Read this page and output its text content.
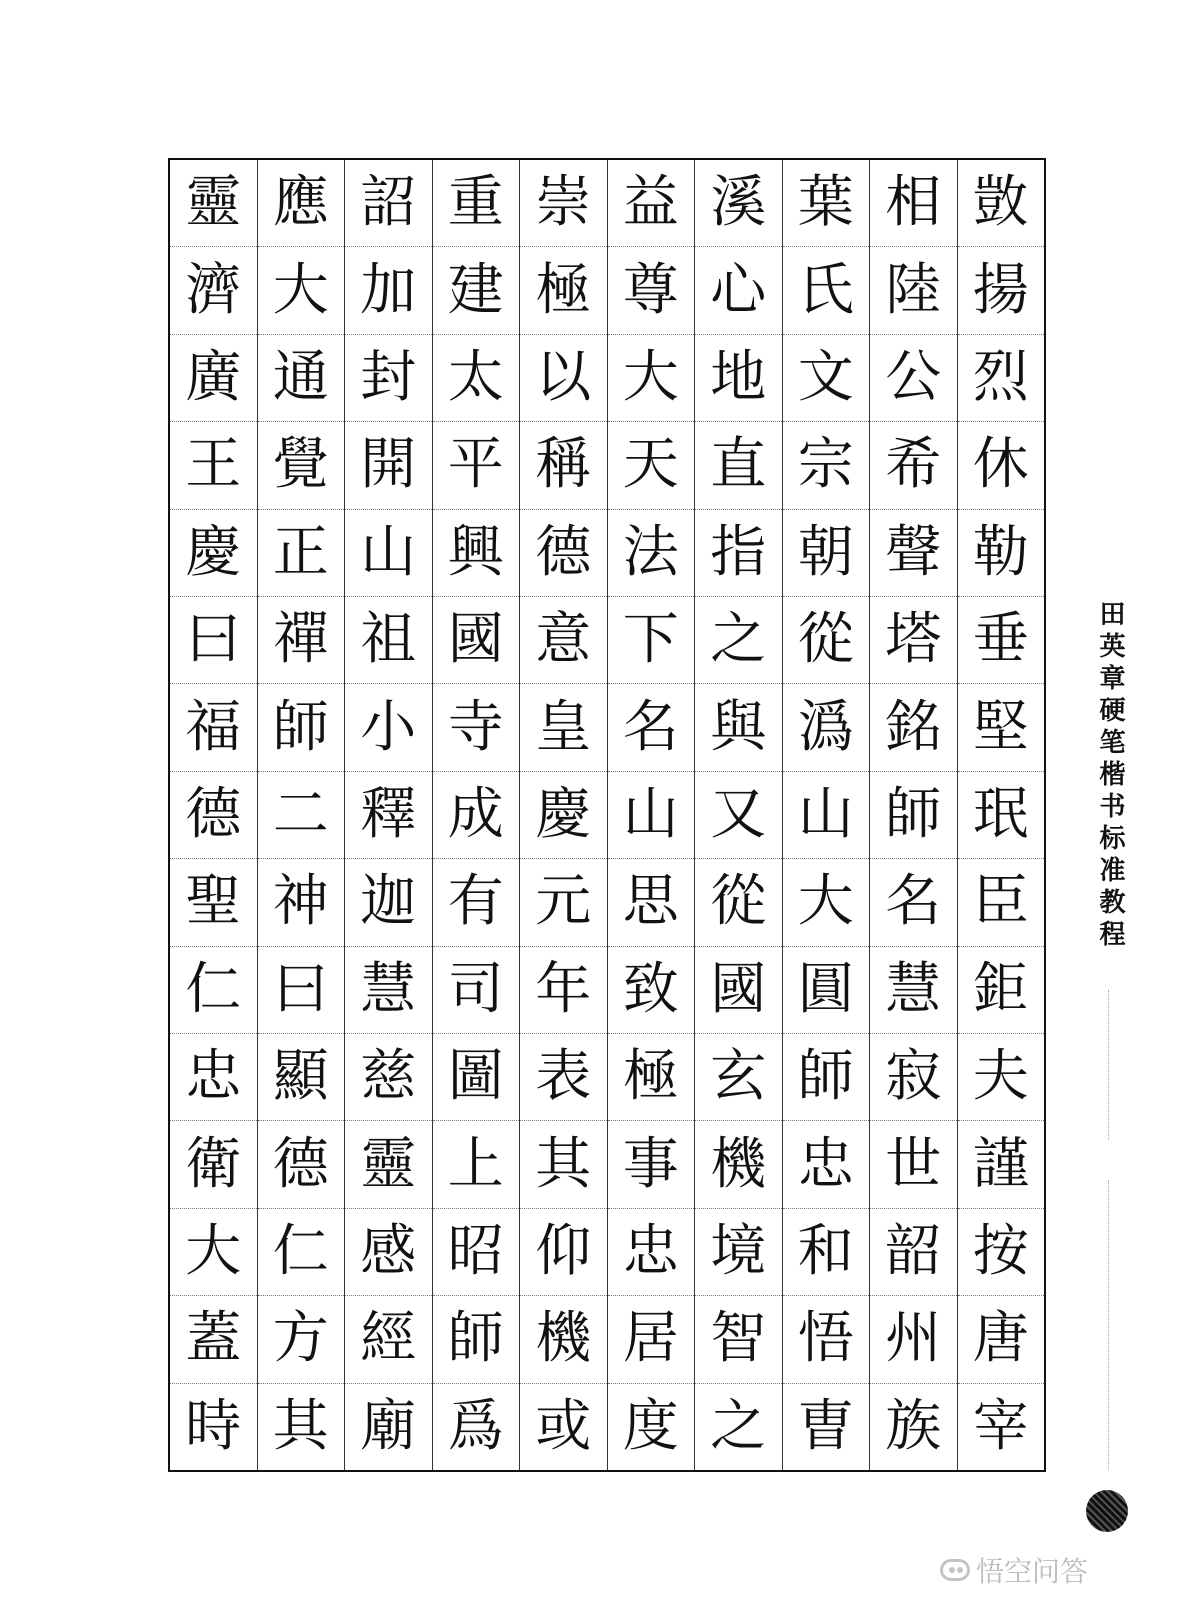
敳
揚
烈
休
勒
垂
堅
珉
臣
鉅
夫
謹
按
唐
宰
相
陸
公
希
聲
塔
銘
師
名
慧
寂
世
韶
州
族
葉
氏
文
宗
朝
從
潙
山
大
圓
師
忠
和
悟
曺
溪
心
地
直
指
之
與
又
從
國
玄
機
境
智
之
益
尊
大
天
法
下
名
山
思
致
極
事
忠
居
度
崇
極
以
稱
德
意
皇
慶
元
年
表
其
仰
機
或
重
建
太
平
興
國
寺
成
有
司
圖
上
昭
師
爲
詔
加
封
開
山
祖
小
釋
迦
慧
慈
靈
感
經
廟
應
大
通
覺
正
禪
師
二
神
曰
顯
德
仁
方
其
靈
濟
廣
王
慶
曰
福
德
聖
仁
忠
衛
大
蓋
時
田英章硬笔楷书标准教程
悟空问答
